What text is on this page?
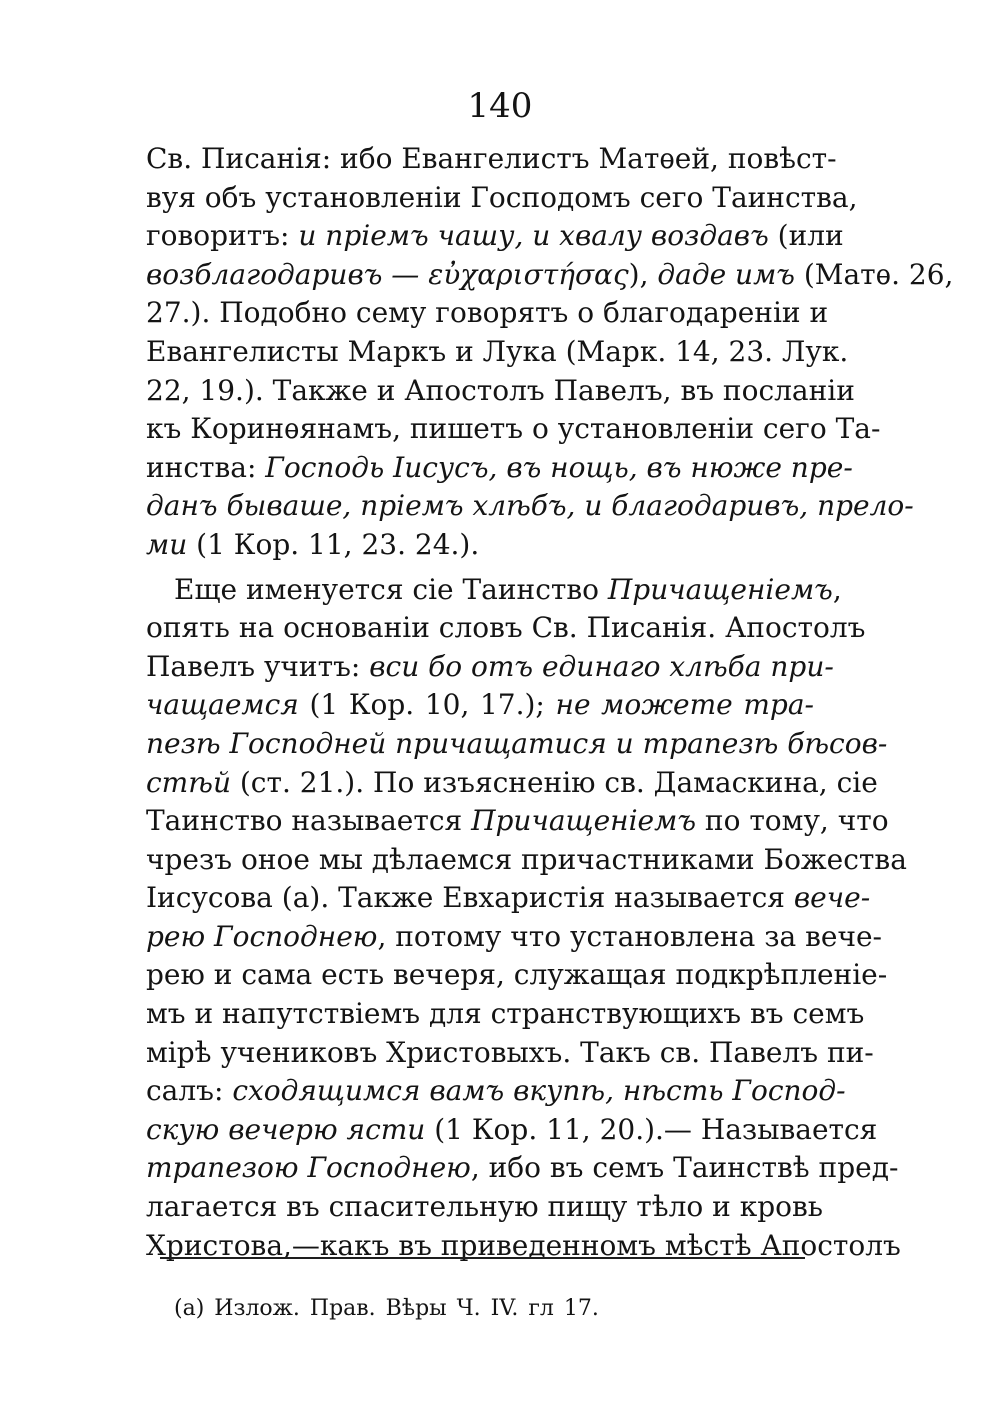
140
Св. Писанія: ибо Евангелистъ Матѳей, повѣст-
вуя объ установленіи Господомъ сего Таинства,
говоритъ: и пріемъ чашу, и хвалу воздавъ (или
возблагодаривъ — εὐχαριστήσας), даде имъ (Матѳ. 26,
27.). Подобно сему говорятъ о благодареніи и
Евангелисты Маркъ и Лука (Марк. 14, 23. Лук.
22, 19.). Также и Апостолъ Павелъ, въ посланіи
къ Коринѳянамъ, пишетъ о установленіи сего Та-
инства: Господь Іисусъ, въ нощь, въ нюже пре-
данъ бываше, пріемъ хлѣбъ, и благодаривъ, прело-
ми (1 Кор. 11, 23. 24.).
Еще именуется сіе Таинство Причащеніемъ,
опять на основаніи словъ Св. Писанія. Апостолъ
Павелъ учитъ: вси бо отъ единаго хлѣба при-
чащаемся (1 Кор. 10, 17.); не можете тра-
пезѣ Господней причащатися и трапезѣ бѣсов-
стѣй (ст. 21.). По изъясненію св. Дамаскина, сіе
Таинство называется Причащеніемъ по тому, что
чрезъ оное мы дѣлаемся причастниками Божества
Іисусова (а). Также Евхаристія называется вече-
рею Господнею, потому что установлена за вече-
рею и сама есть вечеря, служащая подкрѣпленіе-
мъ и напутствіемъ для странствующихъ въ семъ
мірѣ учениковъ Христовыхъ. Такъ св. Павелъ пи-
салъ: сходящимся вамъ вкупѣ, нѣсть Господ-
скую вечерю ясти (1 Кор. 11, 20.).— Называется
трапезою Господнею, ибо въ семъ Таинствѣ пред-
лагается въ спасительную пищу тѣло и кровь
Христова,—какъ въ приведенномъ мѣстѣ Апостолъ
(а) Излож. Прав. Вѣры Ч. IV. гл 17.
